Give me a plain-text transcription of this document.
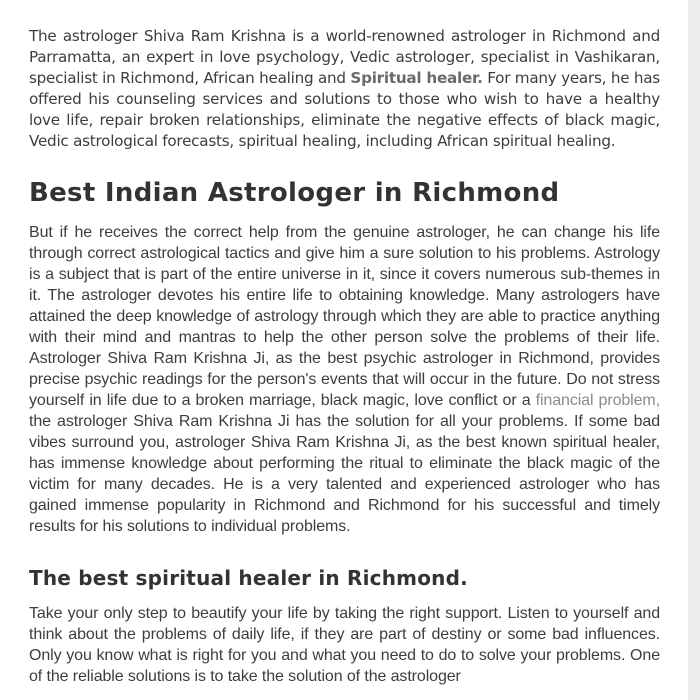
The astrologer Shiva Ram Krishna is a world-renowned astrologer in Richmond and Parramatta, an expert in love psychology, Vedic astrologer, specialist in Vashikaran, specialist in Richmond, African healing and Spiritual healer. For many years, he has offered his counseling services and solutions to those who wish to have a healthy love life, repair broken relationships, eliminate the negative effects of black magic, Vedic astrological forecasts, spiritual healing, including African spiritual healing.

Best Indian Astrologer in Richmond

But if he receives the correct help from the genuine astrologer, he can change his life through correct astrological tactics and give him a sure solution to his problems. Astrology is a subject that is part of the entire universe in it, since it covers numerous sub-themes in it. The astrologer devotes his entire life to obtaining knowledge. Many astrologers have attained the deep knowledge of astrology through which they are able to practice anything with their mind and mantras to help the other person solve the problems of their life. Astrologer Shiva Ram Krishna Ji, as the best psychic astrologer in Richmond, provides precise psychic readings for the person's events that will occur in the future. Do not stress yourself in life due to a broken marriage, black magic, love conflict or a financial problem, the astrologer Shiva Ram Krishna Ji has the solution for all your problems. If some bad vibes surround you, astrologer Shiva Ram Krishna Ji, as the best known spiritual healer, has immense knowledge about performing the ritual to eliminate the black magic of the victim for many decades. He is a very talented and experienced astrologer who has gained immense popularity in Richmond and Richmond for his successful and timely results for his solutions to individual problems.

The best spiritual healer in Richmond.

Take your only step to beautify your life by taking the right support. Listen to yourself and think about the problems of daily life, if they are part of destiny or some bad influences. Only you know what is right for you and what you need to do to solve your problems. One of the reliable solutions is to take the solution of the astrologer
